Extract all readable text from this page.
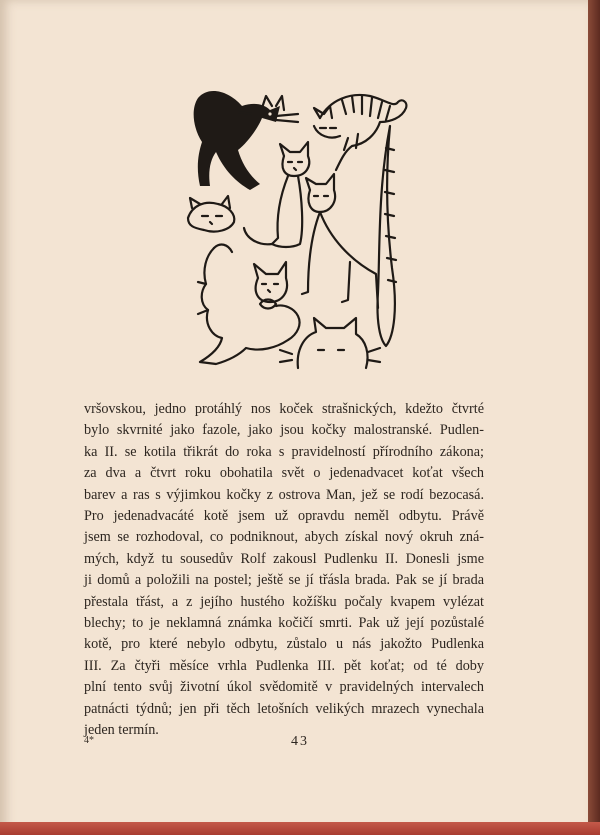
vršovskou, jedno protáhlý nos koček strašnických, kdežto čtvrté
bylo skvrnité jako fazole, jako jsou kočky malostranské. Pudlen-
ka II. se kotila třikrát do roka s pravidelností přírodního zákona;
za dva a čtvrt roku obohatila svět o jedenadvacet koťat všech
barev a ras s výjimkou kočky z ostrova Man, jež se rodí bezocasá.
Pro jedenadvacáté kotě jsem už opravdu neměl odbytu. Právě
jsem se rozhodoval, co podniknout, abych získal nový okruh zná-
mých, když tu sousedův Rolf zakousl Pudlenku II. Donesli jsme
ji domů a položili na postel; ještě se jí třásla brada. Pak se jí brada
přestala třást, a z jejího hustého kožíšku počaly kvapem vylézat
blechy; to je neklamná známka kočičí smrti. Pak už její pozůstalé
kotě, pro které nebylo odbytu, zůstalo u nás jakožto Pudlenka
III. Za čtyři měsíce vrhla Pudlenka III. pět koťat; od té doby
plní tento svůj životní úkol svědomitě v pravidelných intervalech
patnácti týdnů; jen při těch letošních velikých mrazech vynechala
jeden termín.

4*	43
